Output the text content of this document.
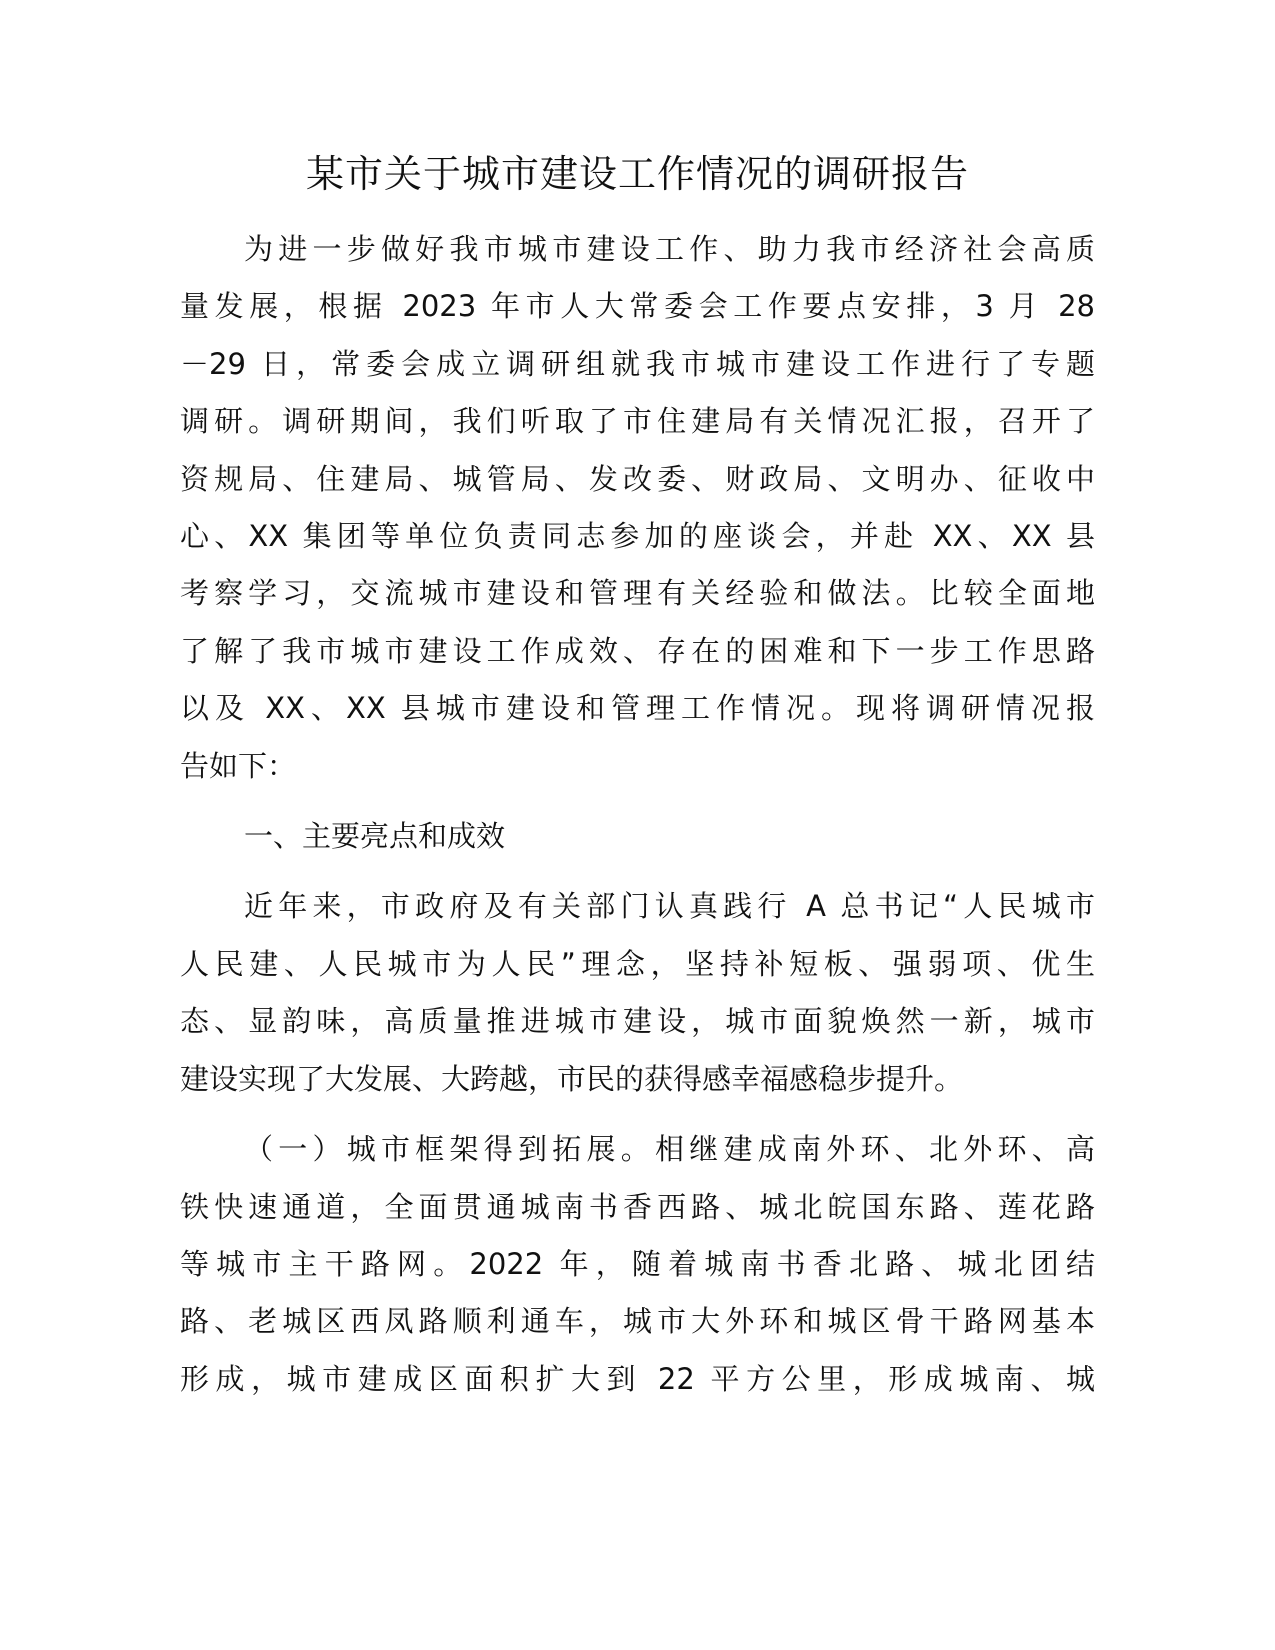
某市关于城市建设工作情况的调研报告
为进一步做好我市城市建设工作、助力我市经济社会高质
量发展，根据 2023 年市人大常委会工作要点安排，3 月 28
－29 日，常委会成立调研组就我市城市建设工作进行了专题
调研。调研期间，我们听取了市住建局有关情况汇报，召开了
资规局、住建局、城管局、发改委、财政局、文明办、征收中
心、XX 集团等单位负责同志参加的座谈会，并赴 XX、XX 县
考察学习，交流城市建设和管理有关经验和做法。比较全面地
了解了我市城市建设工作成效、存在的困难和下一步工作思路
以及 XX、XX 县城市建设和管理工作情况。现将调研情况报
告如下：
一、主要亮点和成效
近年来，市政府及有关部门认真践行 A 总书记“人民城市
人民建、人民城市为人民”理念，坚持补短板、强弱项、优生
态、显韵味，高质量推进城市建设，城市面貌焕然一新，城市
建设实现了大发展、大跨越，市民的获得感幸福感稳步提升。
（一）城市框架得到拓展。相继建成南外环、北外环、高
铁快速通道，全面贯通城南书香西路、城北皖国东路、莲花路
等城市主干路网。2022 年，随着城南书香北路、城北团结
路、老城区西凤路顺利通车，城市大外环和城区骨干路网基本
形成，城市建成区面积扩大到 22 平方公里，形成城南、城
